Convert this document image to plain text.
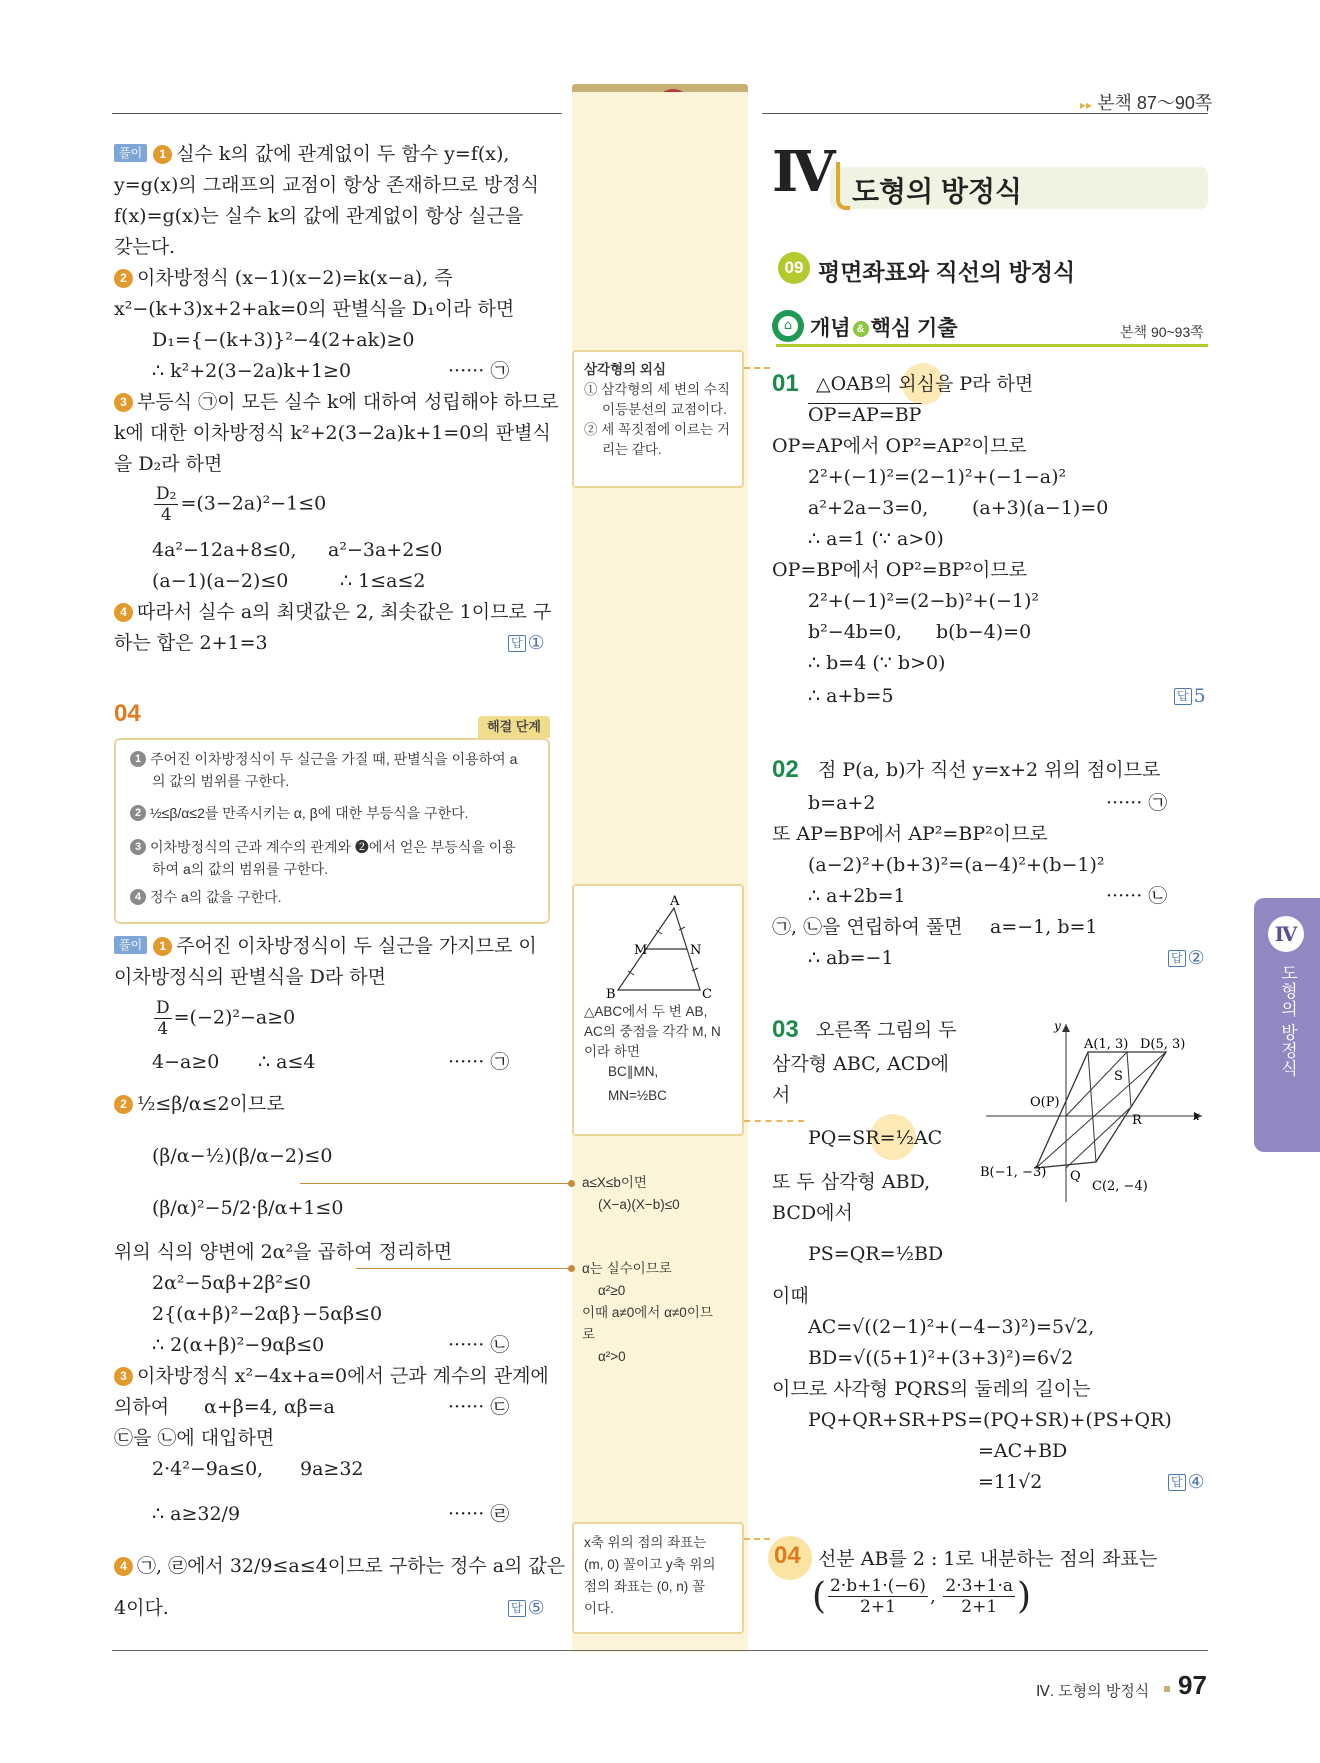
▸▸ 본책 87～90쪽
풀이 1 실수 k의 값에 관계없이 두 함수 y=f(x),
y=g(x)의 그래프의 교점이 항상 존재하므로 방정식
f(x)=g(x)는 실수 k의 값에 관계없이 항상 실근을
갖는다.
2 이차방정식 (x−1)(x−2)=k(x−a), 즉
x²−(k+3)x+2+ak=0의 판별식을 D₁이라 하면
D₁={−(k+3)}²−4(2+ak)≥0
∴ k²+2(3−2a)k+1≥0	······ ㉠
3 부등식 ㉠이 모든 실수 k에 대하여 성립해야 하므로
k에 대한 이차방정식 k²+2(3−2a)k+1=0의 판별식
을 D₂라 하면
$\frac{\text{D₂}}{4} =(3-2a)^2-1\le 0$
4a²−12a+8≤0, a²−3a+2≤0
(a−1)(a−2)≤0	∴ 1≤a≤2
4 따라서 실수 a의 최댓값은 2, 최솟값은 1이므로 구
하는 합은 2+1=3	답 ①
04	해결 단계
1 주어진 이차방정식이 두 실근을 가질 때, 판별식을 이용하여 a
의 값의 범위를 구한다.
2 ½≤β/α≤2를 만족시키는 α, β에 대한 부등식을 구한다.
3 이차방정식의 근과 계수의 관계와 ❷에서 얻은 부등식을 이용
하여 a의 값의 범위를 구한다.
4 정수 a의 값을 구한다.
풀이 1 주어진 이차방정식이 두 실근을 가지므로 이
이차방정식의 판별식을 D라 하면
$\frac{D}{4} =(-2)^2-a\ge 0$
4−a≥0 ∴ a≤4	······ ㉠
2 ½≤β/α≤2이므로
(β/α−½)(β/α−2)≤0
(β/α)²−5/2·β/α+1≤0
위의 식의 양변에 2α²을 곱하여 정리하면
2α²−5αβ+2β²≤0
2{(α+β)²−2αβ}−5αβ≤0
∴ 2(α+β)²−9αβ≤0	······ ㉡
3 이차방정식 x²−4x+a=0에서 근과 계수의 관계에
의하여 α+β=4, αβ=a	······ ㉢
㉢을 ㉡에 대입하면
2·4²−9a≤0, 9a≥32
∴ a≥32/9	······ ㉣
4 ㉠, ㉣에서 32/9≤a≤4이므로 구하는 정수 a의 값은
4이다.	답 ⑤
삼각형의 외심
① 삼각형의 세 변의 수직
이등분선의 교점이다.
② 세 꼭짓점에 이르는 거
리는 같다.
A
M	N
B	C
△ABC에서 두 변 AB,
AC의 중점을 각각 M, N
이라 하면
BC∥MN,
MN=½BC
a≤X≤b이면
(X−a)(X−b)≤0
α는 실수이므로
α²≥0
이때 a≠0에서 α≠0이므
로
α²>0
x축 위의 점의 좌표는
(m, 0) 꼴이고 y축 위의
점의 좌표는 (0, n) 꼴
이다.
Ⅳ 도형의 방정식
09 평면좌표와 직선의 방정식
⌂ 개념 & 핵심 기출	본책 90~93쪽
01 △OAB의 외심을 P라 하면
OP=AP=BP
OP=AP에서 OP²=AP²이므로
2²+(−1)²=(2−1)²+(−1−a)²
a²+2a−3=0, (a+3)(a−1)=0
∴ a=1 (∵ a>0)
OP=BP에서 OP²=BP²이므로
2²+(−1)²=(2−b)²+(−1)²
b²−4b=0, b(b−4)=0
∴ b=4 (∵ b>0)
∴ a+b=5	답 5
02 점 P(a, b)가 직선 y=x+2 위의 점이므로
b=a+2	······ ㉠
또 AP=BP에서 AP²=BP²이므로
(a−2)²+(b+3)²=(a−4)²+(b−1)²
∴ a+2b=1	······ ㉡
㉠, ㉡을 연립하여 풀면 a=−1, b=1
∴ ab=−1	답 ②
03 오른쪽 그림의 두
삼각형 ABC, ACD에
서
PQ=SR=½AC
또 두 삼각형 ABD,
BCD에서
PS=QR=½BD
이때
AC=√((2−1)²+(−4−3)²)=5√2,
BD=√((5+1)²+(3+3)²)=6√2
이므로 사각형 PQRS의 둘레의 길이는
PQ+QR+SR+PS=(PQ+SR)+(PS+QR)
=AC+BD
=11√2	답 ④
x
y
A(1, 3) D(5, 3)
O(P)
B(−1, −3) Q
C(2, −4)
S
R
04 선분 AB를 2 : 1로 내분하는 점의 좌표는
( $\frac{2\cdot b+1\cdot(-6)}{2+1}$ , $\frac{2\cdot 3+1\cdot a}{2+1}$ )
Ⅳ
도형의 방정식
Ⅳ. 도형의 방정식 97
